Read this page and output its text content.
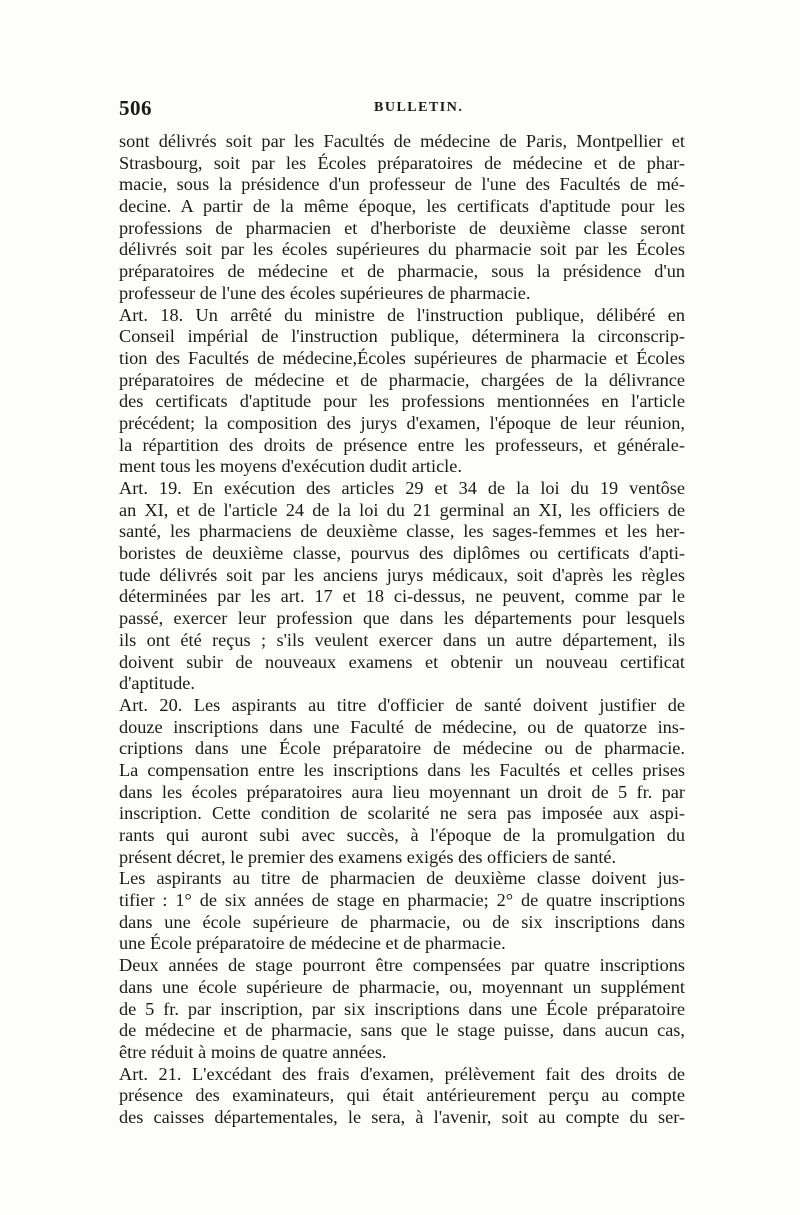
506	BULLETIN.
sont délivrés soit par les Facultés de médecine de Paris, Montpellier et
Strasbourg, soit par les Écoles préparatoires de médecine et de phar-
macie, sous la présidence d'un professeur de l'une des Facultés de mé-
decine. A partir de la même époque, les certificats d'aptitude pour les
professions de pharmacien et d'herboriste de deuxième classe seront
délivrés soit par les écoles supérieures du pharmacie soit par les Écoles
préparatoires de médecine et de pharmacie, sous la présidence d'un
professeur de l'une des écoles supérieures de pharmacie.
Art. 18. Un arrêté du ministre de l'instruction publique, délibéré en
Conseil impérial de l'instruction publique, déterminera la circonscrip-
tion des Facultés de médecine,Écoles supérieures de pharmacie et Écoles
préparatoires de médecine et de pharmacie, chargées de la délivrance
des certificats d'aptitude pour les professions mentionnées en l'article
précédent; la composition des jurys d'examen, l'époque de leur réunion,
la répartition des droits de présence entre les professeurs, et générale-
ment tous les moyens d'exécution dudit article.
Art. 19. En exécution des articles 29 et 34 de la loi du 19 ventôse
an XI, et de l'article 24 de la loi du 21 germinal an XI, les officiers de
santé, les pharmaciens de deuxième classe, les sages-femmes et les her-
boristes de deuxième classe, pourvus des diplômes ou certificats d'apti-
tude délivrés soit par les anciens jurys médicaux, soit d'après les règles
déterminées par les art. 17 et 18 ci-dessus, ne peuvent, comme par le
passé, exercer leur profession que dans les départements pour lesquels
ils ont été reçus ; s'ils veulent exercer dans un autre département, ils
doivent subir de nouveaux examens et obtenir un nouveau certificat
d'aptitude.
Art. 20. Les aspirants au titre d'officier de santé doivent justifier de
douze inscriptions dans une Faculté de médecine, ou de quatorze ins-
criptions dans une École préparatoire de médecine ou de pharmacie.
La compensation entre les inscriptions dans les Facultés et celles prises
dans les écoles préparatoires aura lieu moyennant un droit de 5 fr. par
inscription. Cette condition de scolarité ne sera pas imposée aux aspi-
rants qui auront subi avec succès, à l'époque de la promulgation du
présent décret, le premier des examens exigés des officiers de santé.
Les aspirants au titre de pharmacien de deuxième classe doivent jus-
tifier : 1° de six années de stage en pharmacie; 2° de quatre inscriptions
dans une école supérieure de pharmacie, ou de six inscriptions dans
une École préparatoire de médecine et de pharmacie.
Deux années de stage pourront être compensées par quatre inscriptions
dans une école supérieure de pharmacie, ou, moyennant un supplément
de 5 fr. par inscription, par six inscriptions dans une École préparatoire
de médecine et de pharmacie, sans que le stage puisse, dans aucun cas,
être réduit à moins de quatre années.
Art. 21. L'excédant des frais d'examen, prélèvement fait des droits de
présence des examinateurs, qui était antérieurement perçu au compte
des caisses départementales, le sera, à l'avenir, soit au compte du ser-
